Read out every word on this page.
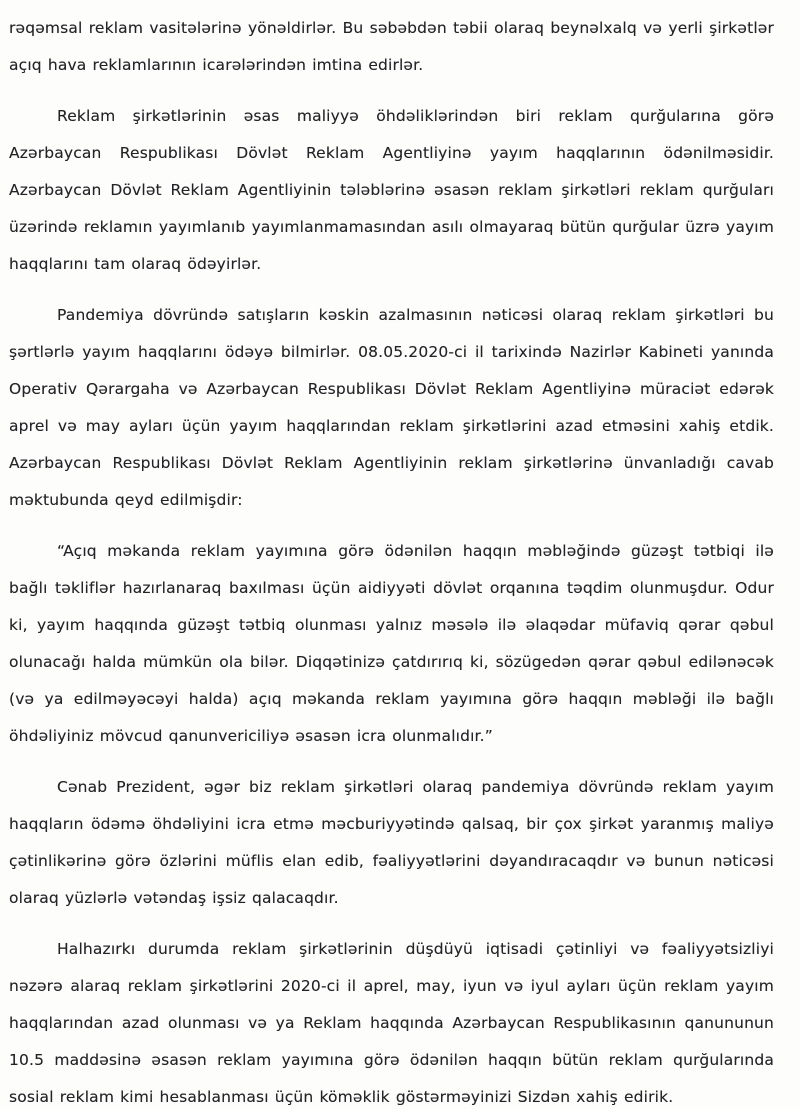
rəqəmsal reklam vasitələrinə yönəldirlər. Bu səbəbdən təbii olaraq beynəlxalq və yerli şirkətlər açıq hava reklamlarının icarələrindən imtina edirlər.

Reklam şirkətlərinin əsas maliyyə öhdəliklərindən biri reklam qurğularına görə Azərbaycan Respublikası Dövlət Reklam Agentliyinə yayım haqqlarının ödənilməsidir. Azərbaycan Dövlət Reklam Agentliyinin tələblərinə əsasən reklam şirkətləri reklam qurğuları üzərində reklamın yayımlanıb yayımlanmamasından asılı olmayaraq bütün qurğular üzrə yayım haqqlarını tam olaraq ödəyirlər.

Pandemiya dövründə satışların kəskin azalmasının nəticəsi olaraq reklam şirkətləri bu şərtlərlə yayım haqqlarını ödəyə bilmirlər. 08.05.2020-ci il tarixində Nazirlər Kabineti yanında Operativ Qərargaha və Azərbaycan Respublikası Dövlət Reklam Agentliyinə müraciət edərək aprel və may ayları üçün yayım haqqlarından reklam şirkətlərini azad etməsini xahiş etdik. Azərbaycan Respublikası Dövlət Reklam Agentliyinin reklam şirkətlərinə ünvanladığı cavab məktubunda qeyd edilmişdir:

“Açıq məkanda reklam yayımına görə ödənilən haqqın məbləğində güzəşt tətbiqi ilə bağlı təkliflər hazırlanaraq baxılması üçün aidiyyəti dövlət orqanına təqdim olunmuşdur. Odur ki, yayım haqqında güzəşt tətbiq olunması yalnız məsələ ilə əlaqədar müfaviq qərar qəbul olunacağı halda mümkün ola bilər. Diqqətinizə çatdırırıq ki, sözügedən qərar qəbul edilənəcək (və ya edilməyəcəyi halda) açıq məkanda reklam yayımına görə haqqın məbləği ilə bağlı öhdəliyiniz mövcud qanunvericiliyə əsasən icra olunmalıdır.”

Cənab Prezident, əgər biz reklam şirkətləri olaraq pandemiya dövründə reklam yayım haqqların ödəmə öhdəliyini icra etmə məcburiyyətində qalsaq, bir çox şirkət yaranmış maliyə çətinlikərinə görə özlərini müflis elan edib, fəaliyyətlərini dəyandıracaqdır və bunun nəticəsi olaraq yüzlərlə vətəndaş işsiz qalacaqdır.

Halhazırkı durumda reklam şirkətlərinin düşdüyü iqtisadi çətinliyi və fəaliyyətsizliyi nəzərə alaraq reklam şirkətlərini 2020-ci il aprel, may, iyun və iyul ayları üçün reklam yayım haqqlarından azad olunması və ya Reklam haqqında Azərbaycan Respublikasının qanununun 10.5 maddəsinə əsasən reklam yayımına görə ödənilən haqqın bütün reklam qurğularında sosial reklam kimi hesablanması üçün köməklik göstərməyinizi Sizdən xahiş edirik.
